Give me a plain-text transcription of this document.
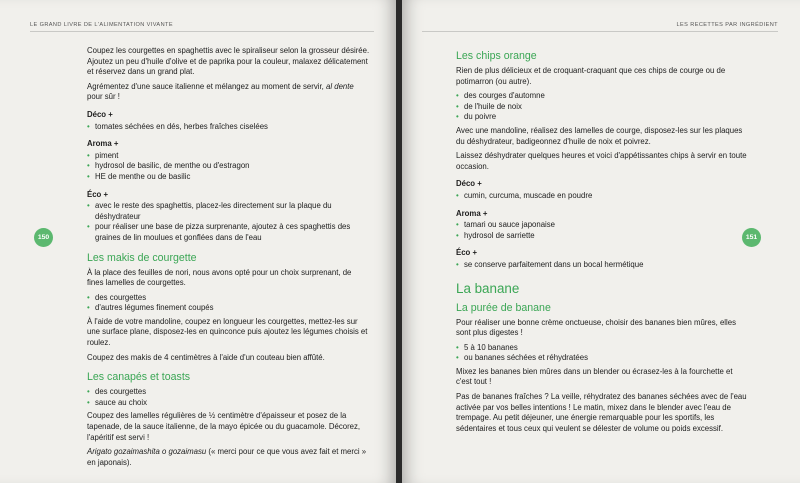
LE GRAND LIVRE DE L'ALIMENTATION VIVANTE
150

Coupez les courgettes en spaghettis avec le spiraliseur selon la grosseur désirée. Ajoutez un peu d'huile d'olive et de paprika pour la couleur, malaxez délicatement et réservez dans un grand plat.

Agrémentez d'une sauce italienne et mélangez au moment de servir, al dente pour sûr !

Déco +
• tomates séchées en dés, herbes fraîches ciselées
Aroma +
• piment
• hydrosol de basilic, de menthe ou d'estragon
• HE de menthe ou de basilic
Éco +
• avec le reste des spaghettis, placez-les directement sur la plaque du déshydrateur
• pour réaliser une base de pizza surprenante, ajoutez à ces spaghettis des graines de lin moulues et gonflées dans de l'eau
Les makis de courgette

À la place des feuilles de nori, nous avons opté pour un choix surprenant, de fines lamelles de courgettes.

• des courgettes
• d'autres légumes finement coupés

À l'aide de votre mandoline, coupez en longueur les courgettes, mettez-les sur une surface plane, disposez-les en quinconce puis ajoutez les légumes choisis et roulez.

Coupez des makis de 4 centimètres à l'aide d'un couteau bien affûté.

Les canapés et toasts
• des courgettes
• sauce au choix

Coupez des lamelles régulières de ½ centimètre d'épaisseur et posez de la tapenade, de la sauce italienne, de la mayo épicée ou du guacamole. Décorez, l'apéritif est servi !

Arigato gozaimashita o gozaimasu (« merci pour ce que vous avez fait et merci » en japonais).

LES RECETTES PAR INGRÉDIENT
151
Les chips orange

Rien de plus délicieux et de croquant-craquant que ces chips de courge ou de potimarron (ou autre).

• des courges d'automne
• de l'huile de noix
• du poivre

Avec une mandoline, réalisez des lamelles de courge, disposez-les sur les plaques du déshydrateur, badigeonnez d'huile de noix et poivrez.

Laissez déshydrater quelques heures et voici d'appétissantes chips à servir en toute occasion.

Déco +
• cumin, curcuma, muscade en poudre
Aroma +
• tamari ou sauce japonaise
• hydrosol de sarriette
Éco +
• se conserve parfaitement dans un bocal hermétique
La banane
La purée de banane

Pour réaliser une bonne crème onctueuse, choisir des bananes bien mûres, elles sont plus digestes !

• 5 à 10 bananes
• ou bananes séchées et réhydratées

Mixez les bananes bien mûres dans un blender ou écrasez-les à la fourchette et c'est tout !

Pas de bananes fraîches ? La veille, réhydratez des bananes séchées avec de l'eau activée par vos belles intentions ! Le matin, mixez dans le blender avec l'eau de trempage. Au petit déjeuner, une énergie remarquable pour les sportifs, les sédentaires et tous ceux qui veulent se délester de volume ou poids excessif.
